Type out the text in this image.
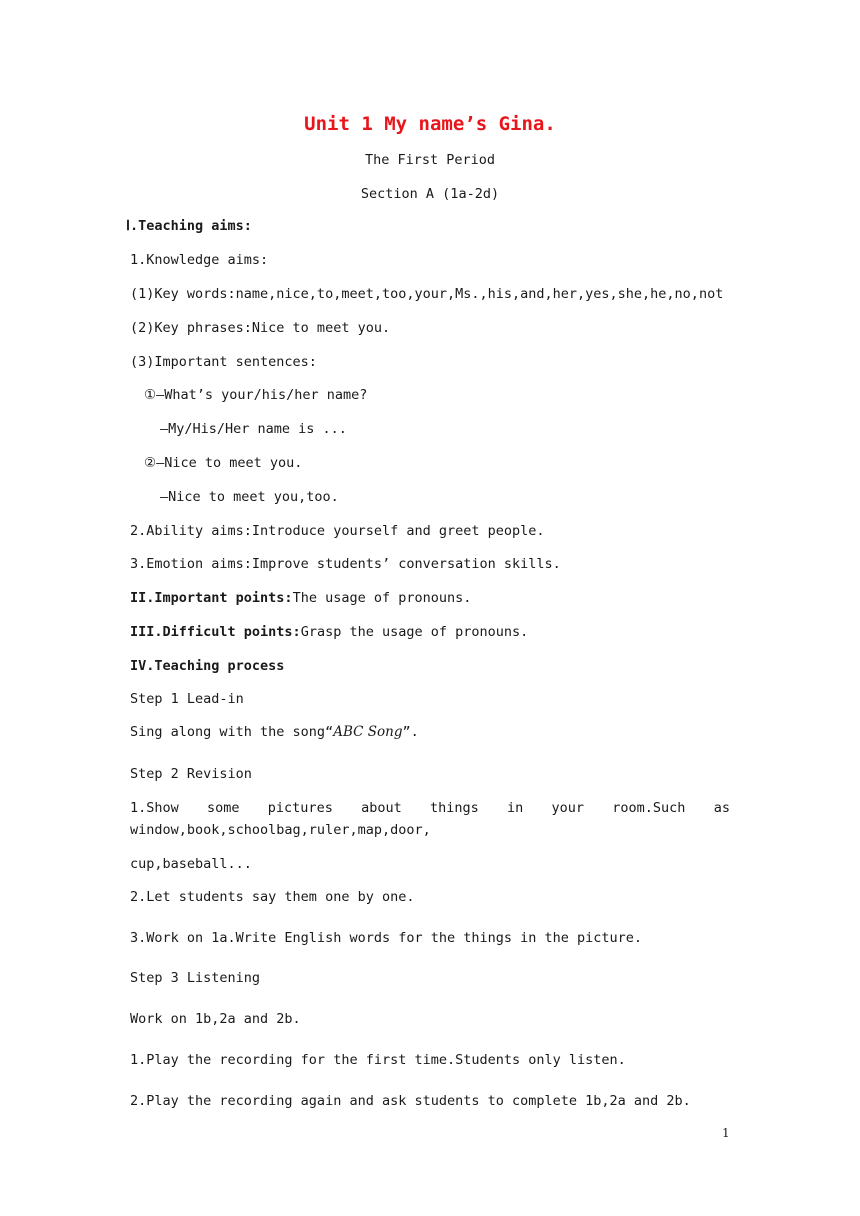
Unit 1 My name’s Gina.
The First Period
Section A (1a-2d)
Ⅰ.Teaching aims:
1.Knowledge aims:
(1)Key words:name,nice,to,meet,too,your,Ms.,his,and,her,yes,she,he,no,not
(2)Key phrases:Nice to meet you.
(3)Important sentences:
①—What’s your/his/her name?
—My/His/Her name is ...
②—Nice to meet you.
—Nice to meet you,too.
2.Ability aims:Introduce yourself and greet people.
3.Emotion aims:Improve students’ conversation skills.
II.Important points:The usage of pronouns.
III.Difficult points:Grasp the usage of pronouns.
IV.Teaching process
Step 1 Lead-in
Sing along with the song“ABC Song”.
Step 2 Revision
1.Show some pictures about things in your room.Such as
window,book,schoolbag,ruler,map,door,
cup,baseball...
2.Let students say them one by one.
3.Work on 1a.Write English words for the things in the picture.
Step 3 Listening
Work on 1b,2a and 2b.
1.Play the recording for the first time.Students only listen.
2.Play the recording again and ask students to complete 1b,2a and 2b.
1
